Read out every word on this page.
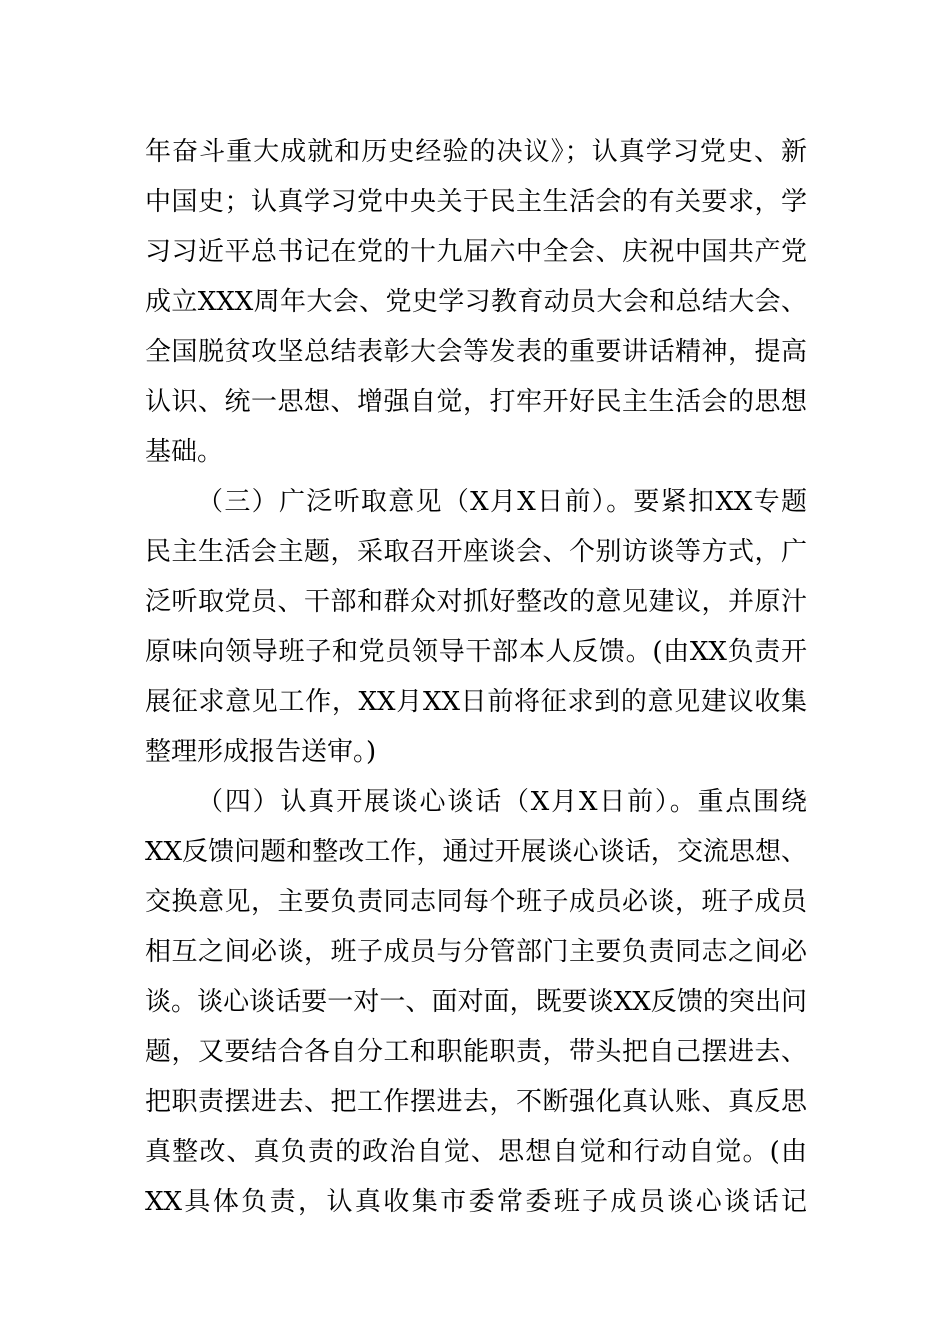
年奋斗重大成就和历史经验的决议》；认真学习党史、新
中国史；认真学习党中央关于民主生活会的有关要求，学
习习近平总书记在党的十九届六中全会、庆祝中国共产党
成立XXX周年大会、党史学习教育动员大会和总结大会、
全国脱贫攻坚总结表彰大会等发表的重要讲话精神，提高
认识、统一思想、增强自觉，打牢开好民主生活会的思想
基础。
（三）广泛听取意见（X月X日前）。要紧扣XX专题
民主生活会主题，采取召开座谈会、个别访谈等方式，广
泛听取党员、干部和群众对抓好整改的意见建议，并原汁
原味向领导班子和党员领导干部本人反馈。(由XX负责开
展征求意见工作，XX月XX日前将征求到的意见建议收集
整理形成报告送审。)
（四）认真开展谈心谈话（X月X日前）。重点围绕
XX反馈问题和整改工作，通过开展谈心谈话，交流思想、
交换意见，主要负责同志同每个班子成员必谈，班子成员
相互之间必谈，班子成员与分管部门主要负责同志之间必
谈。谈心谈话要一对一、面对面，既要谈XX反馈的突出问
题，又要结合各自分工和职能职责，带头把自己摆进去、
把职责摆进去、把工作摆进去，不断强化真认账、真反思
真整改、真负责的政治自觉、思想自觉和行动自觉。(由
XX具体负责，认真收集市委常委班子成员谈心谈话记
